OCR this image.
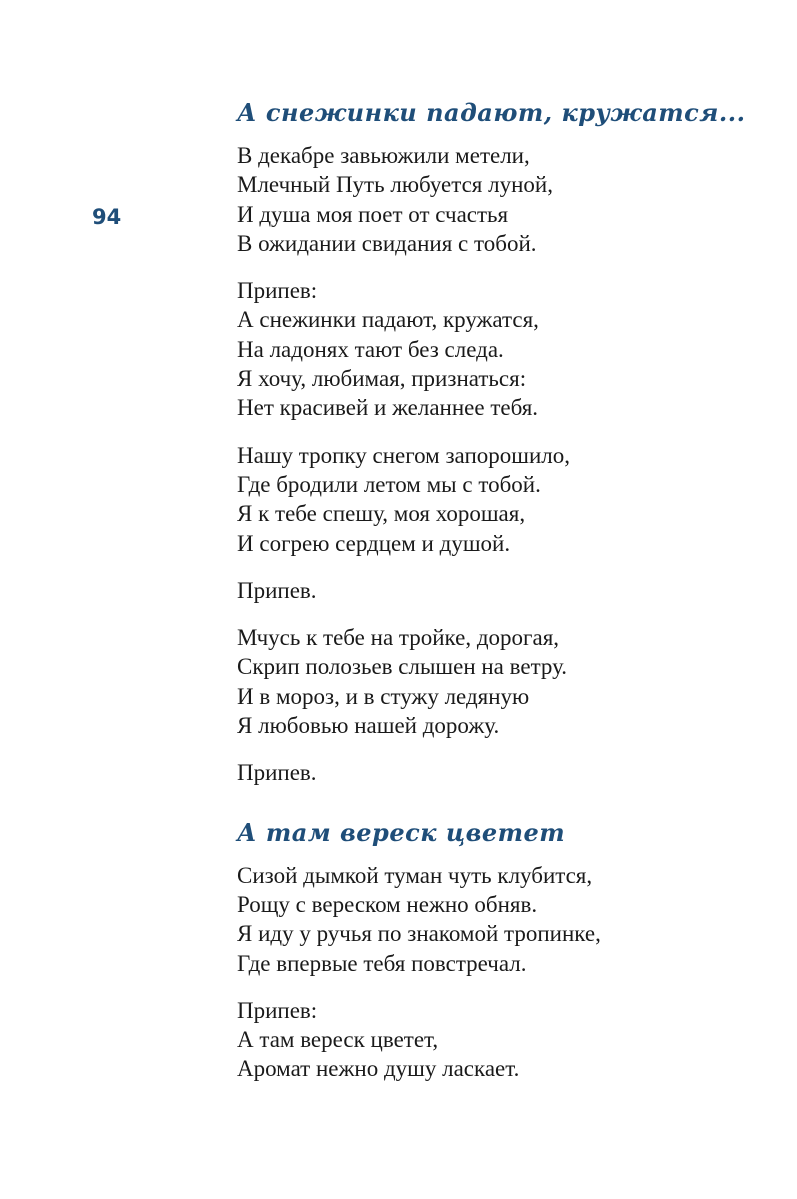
94
А снежинки падают, кружатся...
В декабре завьюжили метели,
Млечный Путь любуется луной,
И душа моя поет от счастья
В ожидании свидания с тобой.
Припев:
А снежинки падают, кружатся,
На ладонях тают без следа.
Я хочу, любимая, признаться:
Нет красивей и желаннее тебя.
Нашу тропку снегом запорошило,
Где бродили летом мы с тобой.
Я к тебе спешу, моя хорошая,
И согрею сердцем и душой.
Припев.
Мчусь к тебе на тройке, дорогая,
Скрип полозьев слышен на ветру.
И в мороз, и в стужу ледяную
Я любовью нашей дорожу.
Припев.
А там вереск цветет
Сизой дымкой туман чуть клубится,
Рощу с вереском нежно обняв.
Я иду у ручья по знакомой тропинке,
Где впервые тебя повстречал.
Припев:
А там вереск цветет,
Аромат нежно душу ласкает.
